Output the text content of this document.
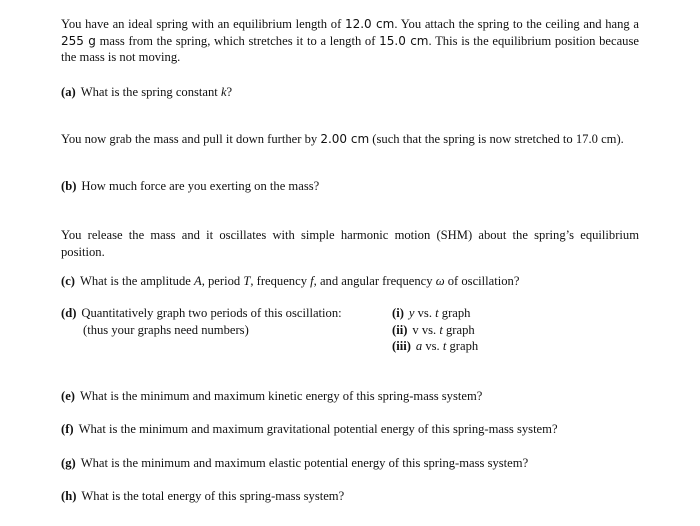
You have an ideal spring with an equilibrium length of 12.0 cm. You attach the spring to the ceiling and hang a 255 g mass from the spring, which stretches it to a length of 15.0 cm. This is the equilibrium position because the mass is not moving.
(a) What is the spring constant k?
You now grab the mass and pull it down further by 2.00 cm (such that the spring is now stretched to 17.0 cm).
(b) How much force are you exerting on the mass?
You release the mass and it oscillates with simple harmonic motion (SHM) about the spring’s equilibrium position.
(c) What is the amplitude A, period T, frequency f, and angular frequency ω of oscillation?
(d) Quantitatively graph two periods of this oscillation:
(thus your graphs need numbers)
(i) y vs. t graph
(ii) v vs. t graph
(iii) a vs. t graph
(e) What is the minimum and maximum kinetic energy of this spring-mass system?
(f) What is the minimum and maximum gravitational potential energy of this spring-mass system?
(g) What is the minimum and maximum elastic potential energy of this spring-mass system?
(h) What is the total energy of this spring-mass system?
